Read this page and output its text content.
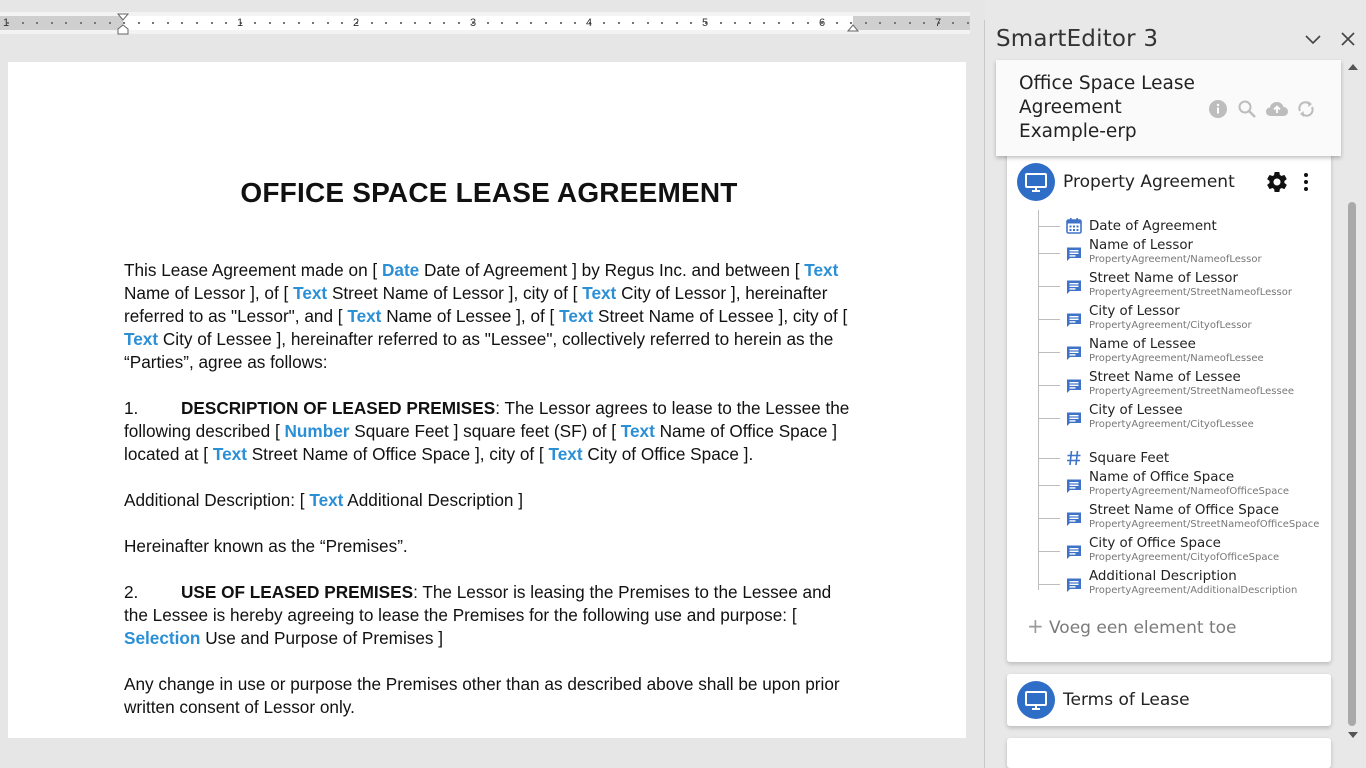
1	1	2	3	4	5	6	7
OFFICE SPACE LEASE AGREEMENT
This Lease Agreement made on [ Date Date of Agreement ] by Regus Inc. and between [ Text Name of Lessor ], of [ Text Street Name of Lessor ], city of [ Text City of Lessor ], hereinafter referred to as "Lessor", and [ Text Name of Lessee ], of [ Text Street Name of Lessee ], city of [ Text City of Lessee ], hereinafter referred to as "Lessee", collectively referred to herein as the “Parties”, agree as follows:
1. DESCRIPTION OF LEASED PREMISES: The Lessor agrees to lease to the Lessee the following described [ Number Square Feet ] square feet (SF) of [ Text Name of Office Space ] located at [ Text Street Name of Office Space ], city of [ Text City of Office Space ].
Additional Description: [ Text Additional Description ]
Hereinafter known as the “Premises”.
2. USE OF LEASED PREMISES: The Lessor is leasing the Premises to the Lessee and the Lessee is hereby agreeing to lease the Premises for the following use and purpose: [ Selection Use and Purpose of Premises ]
Any change in use or purpose the Premises other than as described above shall be upon prior written consent of Lessor only.
SmartEditor 3
Property Agreement
Date of Agreement
Name of Lessor
PropertyAgreement/NameofLessor
Street Name of Lessor
PropertyAgreement/StreetNameofLessor
City of Lessor
PropertyAgreement/CityofLessor
Name of Lessee
PropertyAgreement/NameofLessee
Street Name of Lessee
PropertyAgreement/StreetNameofLessee
City of Lessee
PropertyAgreement/CityofLessee
Square Feet
Name of Office Space
PropertyAgreement/NameofOfficeSpace
Street Name of Office Space
PropertyAgreement/StreetNameofOfficeSpace
City of Office Space
PropertyAgreement/CityofOfficeSpace
Additional Description
PropertyAgreement/AdditionalDescription
+ Voeg een element toe
Terms of Lease
Office Space Lease Agreement Example-erp
